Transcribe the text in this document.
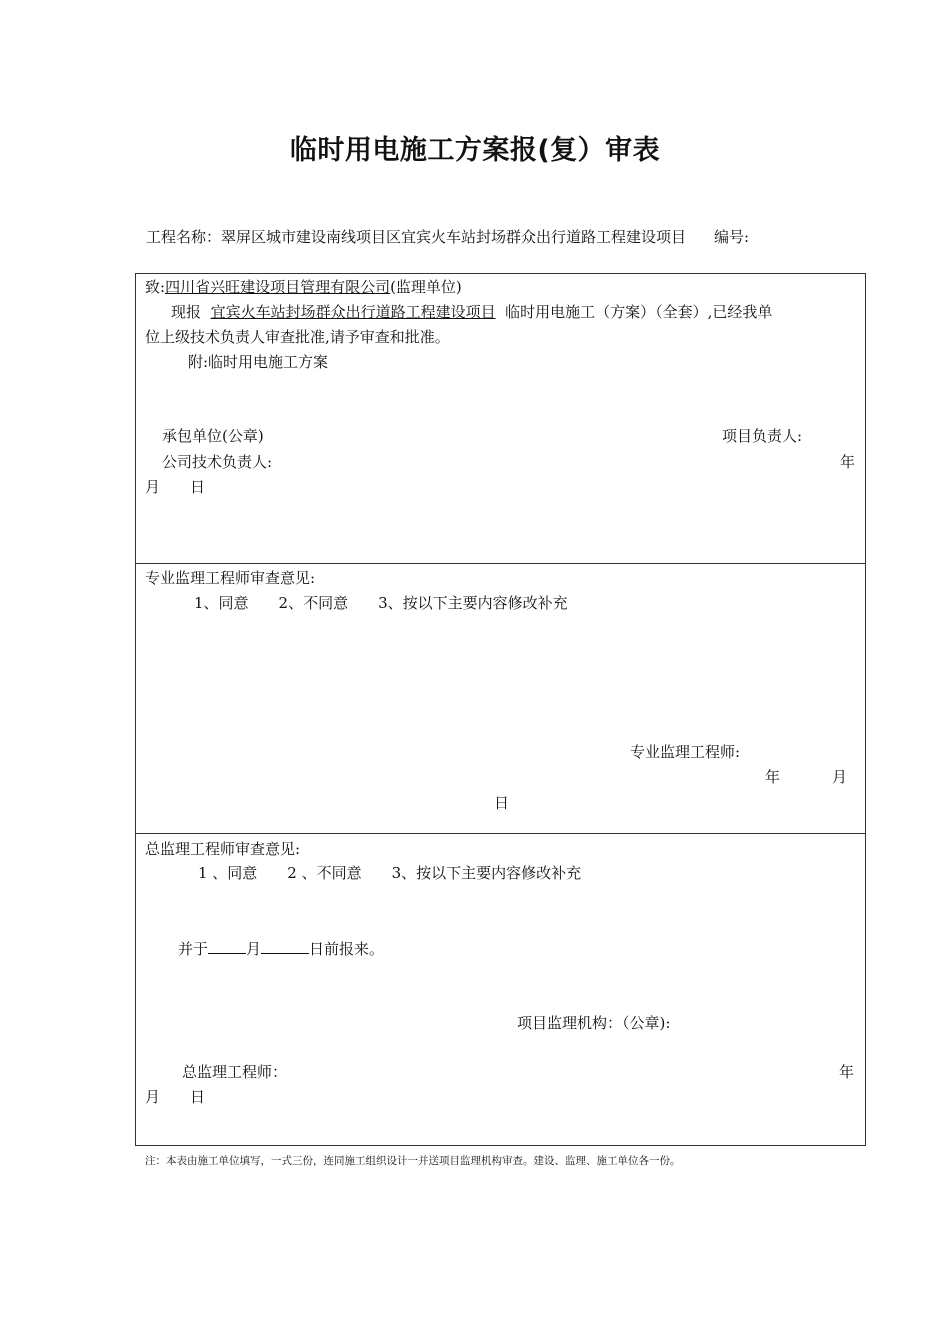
临时用电施工方案报(复）审表
工程名称：翠屏区城市建设南线项目区宜宾火车站封场群众出行道路工程建设项目 编号:
致:四川省兴旺建设项目管理有限公司(监理单位)
现报 宜宾火车站封场群众出行道路工程建设项目 临时用电施工（方案）（全套）,已经我单
位上级技术负责人审查批准,请予审查和批准。
附:临时用电施工方案
承包单位(公章)	项目负责人:
公司技术负责人:	年
月　　日
专业监理工程师审查意见:
1、同意　　2、不同意　　3、按以下主要内容修改补充
专业监理工程师:
年	月
日
总监理工程师审查意见:
1 、同意　　2 、不同意　　3、按以下主要内容修改补充
并于	月	日前报来。
项目监理机构：（公章):
总监理工程师：	年
月　　日
注：本表由施工单位填写，一式三份，连同施工组织设计一并送项目监理机构审查。建设、监理、施工单位各一份。
